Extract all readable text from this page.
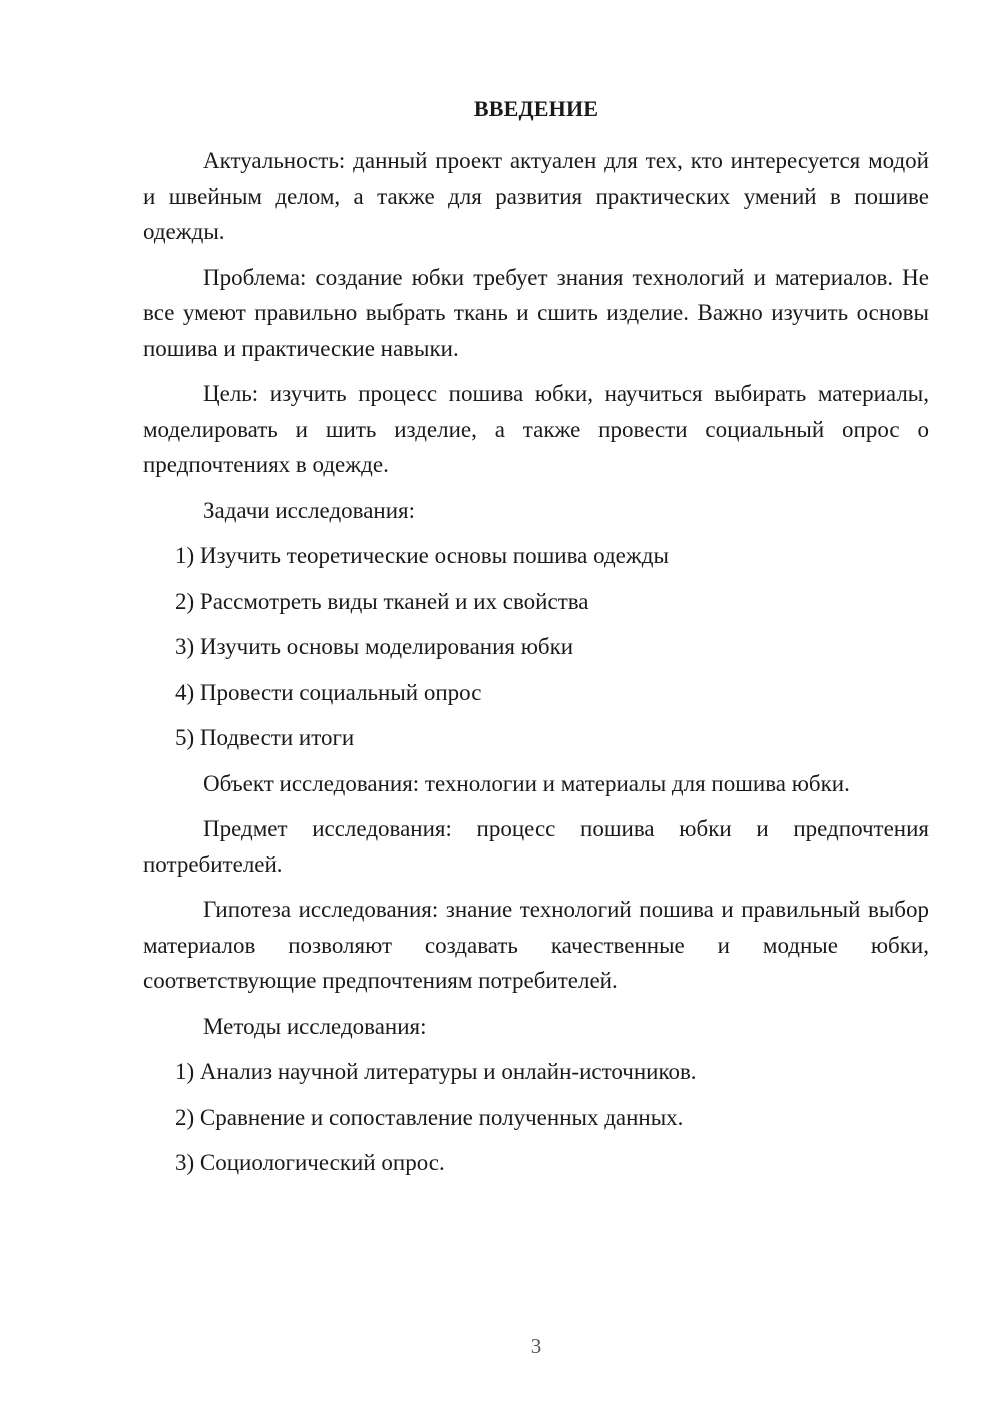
ВВЕДЕНИЕ

Актуальность: данный проект актуален для тех, кто интересуется модой и швейным делом, а также для развития практических умений в пошиве одежды.

Проблема: создание юбки требует знания технологий и материалов. Не все умеют правильно выбрать ткань и сшить изделие. Важно изучить основы пошива и практические навыки.

Цель: изучить процесс пошива юбки, научиться выбирать материалы, моделировать и шить изделие, а также провести социальный опрос о предпочтениях в одежде.

Задачи исследования:

1) Изучить теоретические основы пошива одежды
2) Рассмотреть виды тканей и их свойства
3) Изучить основы моделирования юбки
4) Провести социальный опрос
5) Подвести итоги

Объект исследования: технологии и материалы для пошива юбки.

Предмет исследования: процесс пошива юбки и предпочтения потребителей.

Гипотеза исследования: знание технологий пошива и правильный выбор материалов позволяют создавать качественные и модные юбки, соответствующие предпочтениям потребителей.

Методы исследования:

1) Анализ научной литературы и онлайн-источников.
2) Сравнение и сопоставление полученных данных.
3) Социологический опрос.
3
